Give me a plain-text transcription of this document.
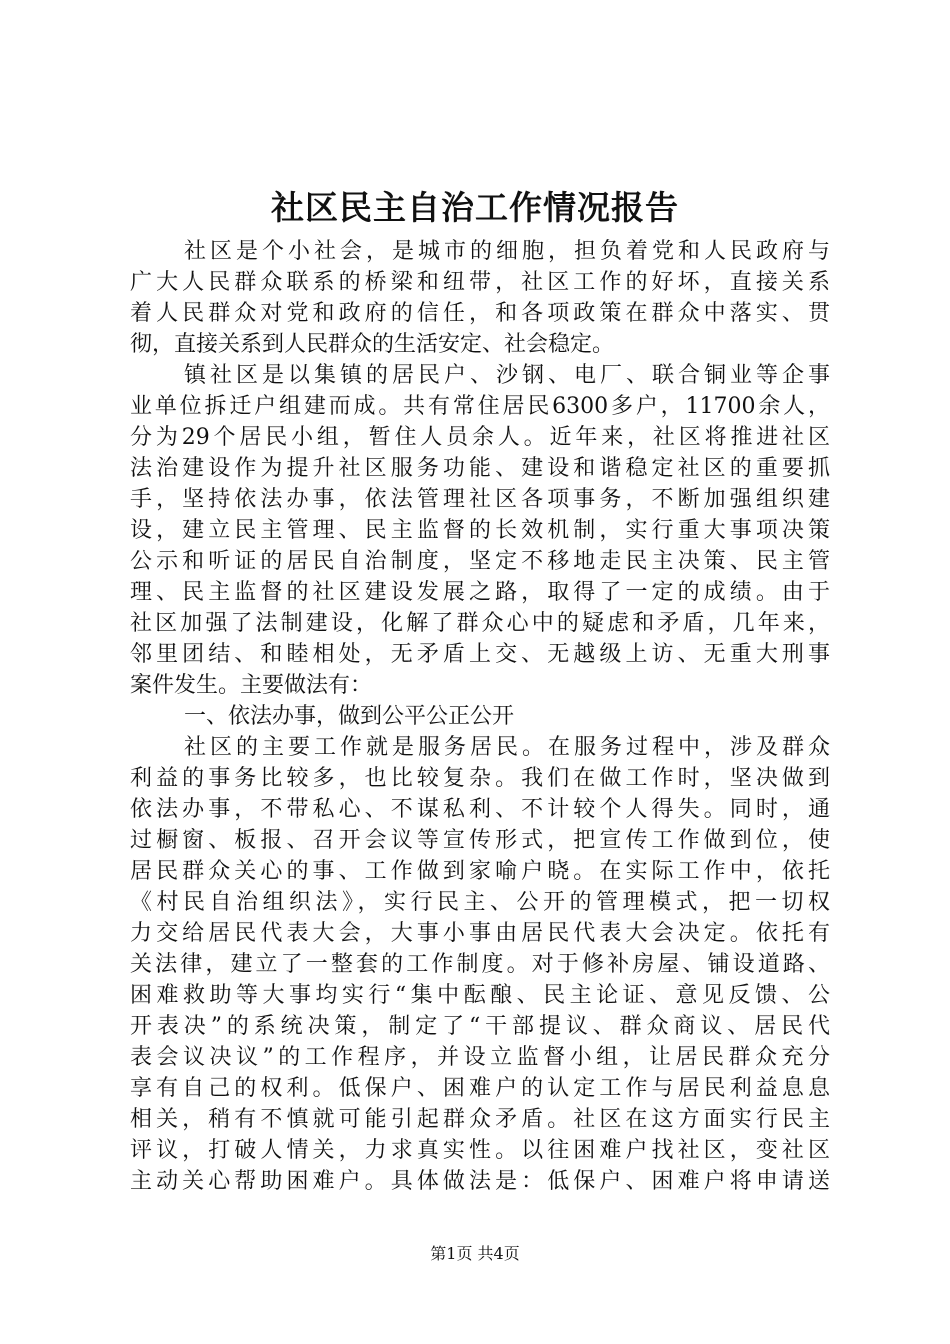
社区民主自治工作情况报告
社区是个小社会，是城市的细胞，担负着党和人民政府与
广大人民群众联系的桥梁和纽带，社区工作的好坏，直接关系
着人民群众对党和政府的信任，和各项政策在群众中落实、贯
彻，直接关系到人民群众的生活安定、社会稳定。
镇社区是以集镇的居民户、沙钢、电厂、联合铜业等企事
业单位拆迁户组建而成。共有常住居民6300多户，11700余人，
分为29个居民小组，暂住人员余人。近年来，社区将推进社区
法治建设作为提升社区服务功能、建设和谐稳定社区的重要抓
手，坚持依法办事，依法管理社区各项事务，不断加强组织建
设，建立民主管理、民主监督的长效机制，实行重大事项决策
公示和听证的居民自治制度，坚定不移地走民主决策、民主管
理、民主监督的社区建设发展之路，取得了一定的成绩。由于
社区加强了法制建设，化解了群众心中的疑虑和矛盾，几年来，
邻里团结、和睦相处，无矛盾上交、无越级上访、无重大刑事
案件发生。主要做法有：
一、依法办事，做到公平公正公开
社区的主要工作就是服务居民。在服务过程中，涉及群众
利益的事务比较多，也比较复杂。我们在做工作时，坚决做到
依法办事，不带私心、不谋私利、不计较个人得失。同时，通
过橱窗、板报、召开会议等宣传形式，把宣传工作做到位，使
居民群众关心的事、工作做到家喻户晓。在实际工作中，依托
《村民自治组织法》，实行民主、公开的管理模式，把一切权
力交给居民代表大会，大事小事由居民代表大会决定。依托有
关法律，建立了一整套的工作制度。对于修补房屋、铺设道路、
困难救助等大事均实行“集中酝酿、民主论证、意见反馈、公
开表决”的系统决策，制定了“干部提议、群众商议、居民代
表会议决议”的工作程序，并设立监督小组，让居民群众充分
享有自己的权利。低保户、困难户的认定工作与居民利益息息
相关，稍有不慎就可能引起群众矛盾。社区在这方面实行民主
评议，打破人情关，力求真实性。以往困难户找社区，变社区
主动关心帮助困难户。具体做法是：低保户、困难户将申请送
第1页 共4页
